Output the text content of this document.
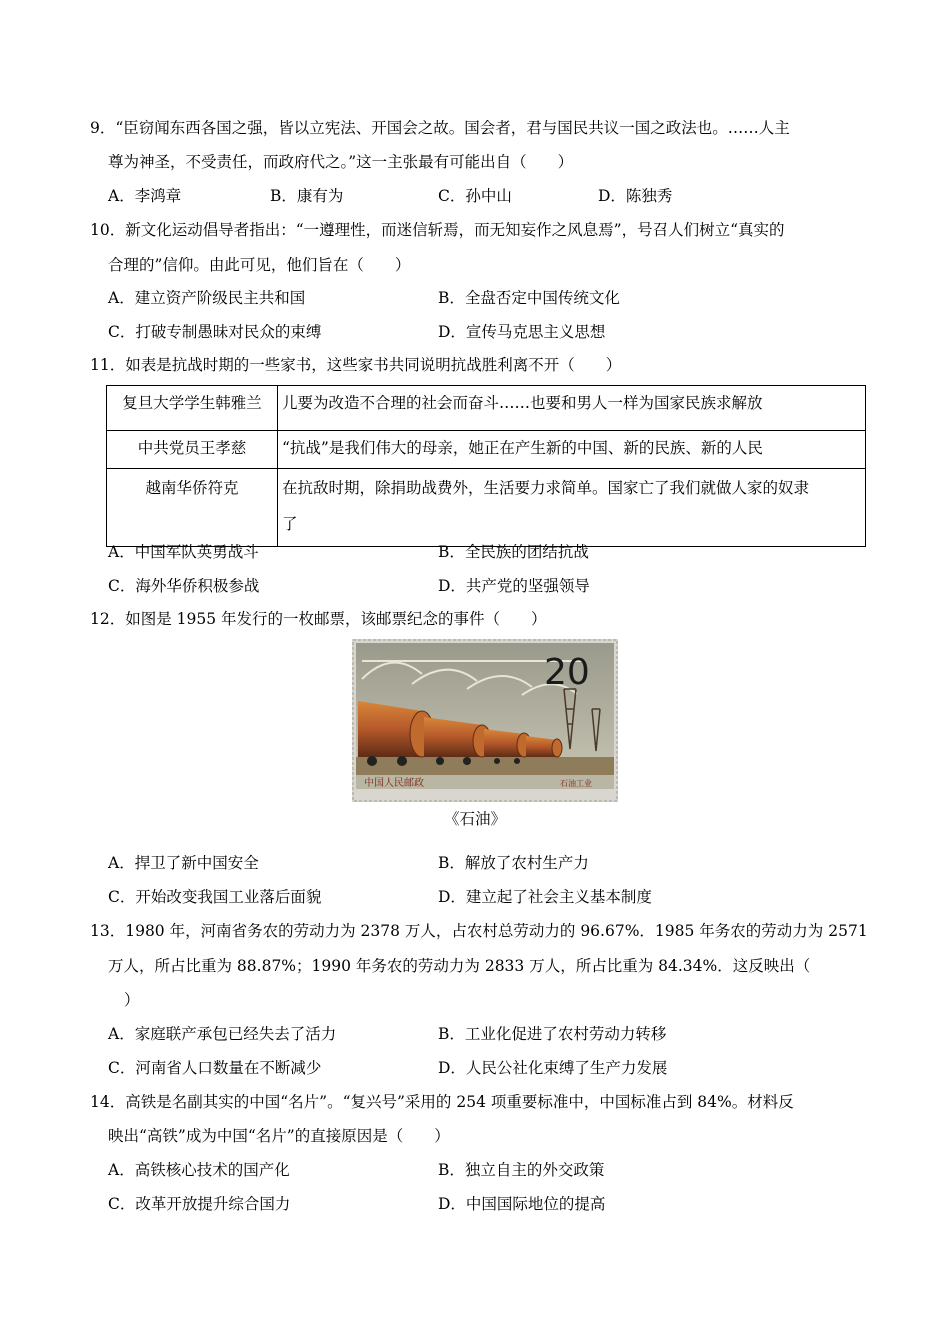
9．“臣窃闻东西各国之强，皆以立宪法、开国会之故。国会者，君与国民共议一国之政法也。……人主
尊为神圣，不受责任，而政府代之。”这一主张最有可能出自（　　）
A．李鸿章	B．康有为	C．孙中山	D．陈独秀
10．新文化运动倡导者指出：“一遵理性，而迷信斩焉，而无知妄作之风息焉”，号召人们树立“真实的
合理的”信仰。由此可见，他们旨在（　　）
A．建立资产阶级民主共和国	B．全盘否定中国传统文化
C．打破专制愚昧对民众的束缚	D．宣传马克思主义思想
11．如表是抗战时期的一些家书，这些家书共同说明抗战胜利离不开（　　）
复旦大学学生韩雅兰	儿要为改造不合理的社会而奋斗……也要和男人一样为国家民族求解放
中共党员王孝慈	“抗战”是我们伟大的母亲，她正在产生新的中国、新的民族、新的人民
越南华侨符克	在抗敌时期，除捐助战费外，生活要力求简单。国家亡了我们就做人家的奴隶
了
A．中国军队英勇战斗	B．全民族的团结抗战
C．海外华侨积极参战	D．共产党的坚强领导
12．如图是 1955 年发行的一枚邮票，该邮票纪念的事件（　　）
20
中国人民邮政	石油工业
《石油》
A．捍卫了新中国安全	B．解放了农村生产力
C．开始改变我国工业落后面貌	D．建立起了社会主义基本制度
13．1980 年，河南省务农的劳动力为 2378 万人，占农村总劳动力的 96.67%．1985 年务农的劳动力为 2571
万人，所占比重为 88.87%；1990 年务农的劳动力为 2833 万人，所占比重为 84.34%．这反映出（
）
A．家庭联产承包已经失去了活力	B．工业化促进了农村劳动力转移
C．河南省人口数量在不断减少	D．人民公社化束缚了生产力发展
14．高铁是名副其实的中国“名片”。“复兴号”采用的 254 项重要标准中，中国标准占到 84%。材料反
映出“高铁”成为中国“名片”的直接原因是（　　）
A．高铁核心技术的国产化	B．独立自主的外交政策
C．改革开放提升综合国力	D．中国国际地位的提高
